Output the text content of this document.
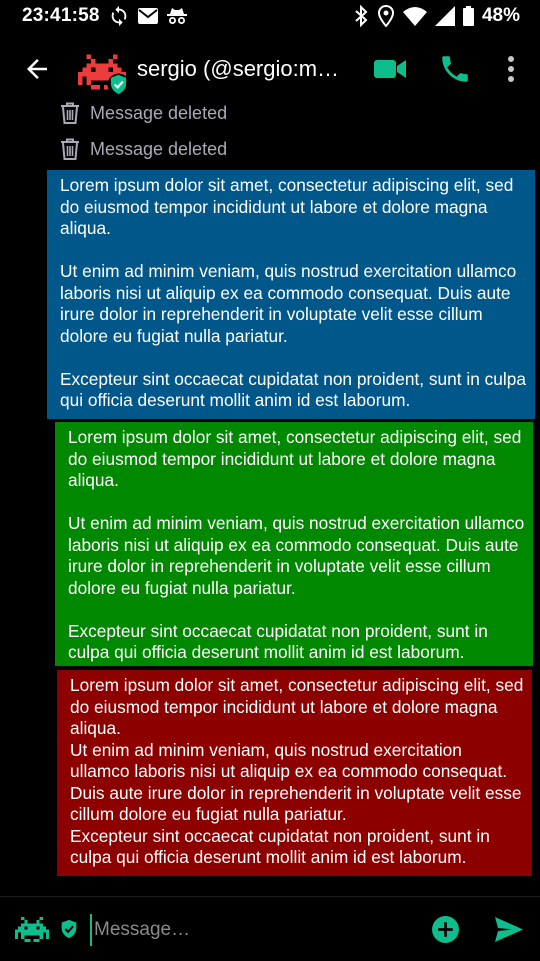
23:41:58	48%
sergio (@sergio:m…
Message deleted
Message deleted

Lorem ipsum dolor sit amet, consectetur adipiscing elit, sed do eiusmod tempor incididunt ut labore et dolore magna aliqua.

Ut enim ad minim veniam, quis nostrud exercitation ullamco laboris nisi ut aliquip ex ea commodo consequat. Duis aute irure dolor in reprehenderit in voluptate velit esse cillum dolore eu fugiat nulla pariatur.

Excepteur sint occaecat cupidatat non proident, sunt in culpa qui officia deserunt mollit anim id est laborum.

Lorem ipsum dolor sit amet, consectetur adipiscing elit, sed do eiusmod tempor incididunt ut labore et dolore magna aliqua.

Ut enim ad minim veniam, quis nostrud exercitation ullamco laboris nisi ut aliquip ex ea commodo consequat. Duis aute irure dolor in reprehenderit in voluptate velit esse cillum dolore eu fugiat nulla pariatur.

Excepteur sint occaecat cupidatat non proident, sunt in culpa qui officia deserunt mollit anim id est laborum.

Lorem ipsum dolor sit amet, consectetur adipiscing elit, sed do eiusmod tempor incididunt ut labore et dolore magna aliqua.

Ut enim ad minim veniam, quis nostrud exercitation ullamco laboris nisi ut aliquip ex ea commodo consequat. Duis aute irure dolor in reprehenderit in voluptate velit esse cillum dolore eu fugiat nulla pariatur.

Excepteur sint occaecat cupidatat non proident, sunt in culpa qui officia deserunt mollit anim id est laborum.

Message…
